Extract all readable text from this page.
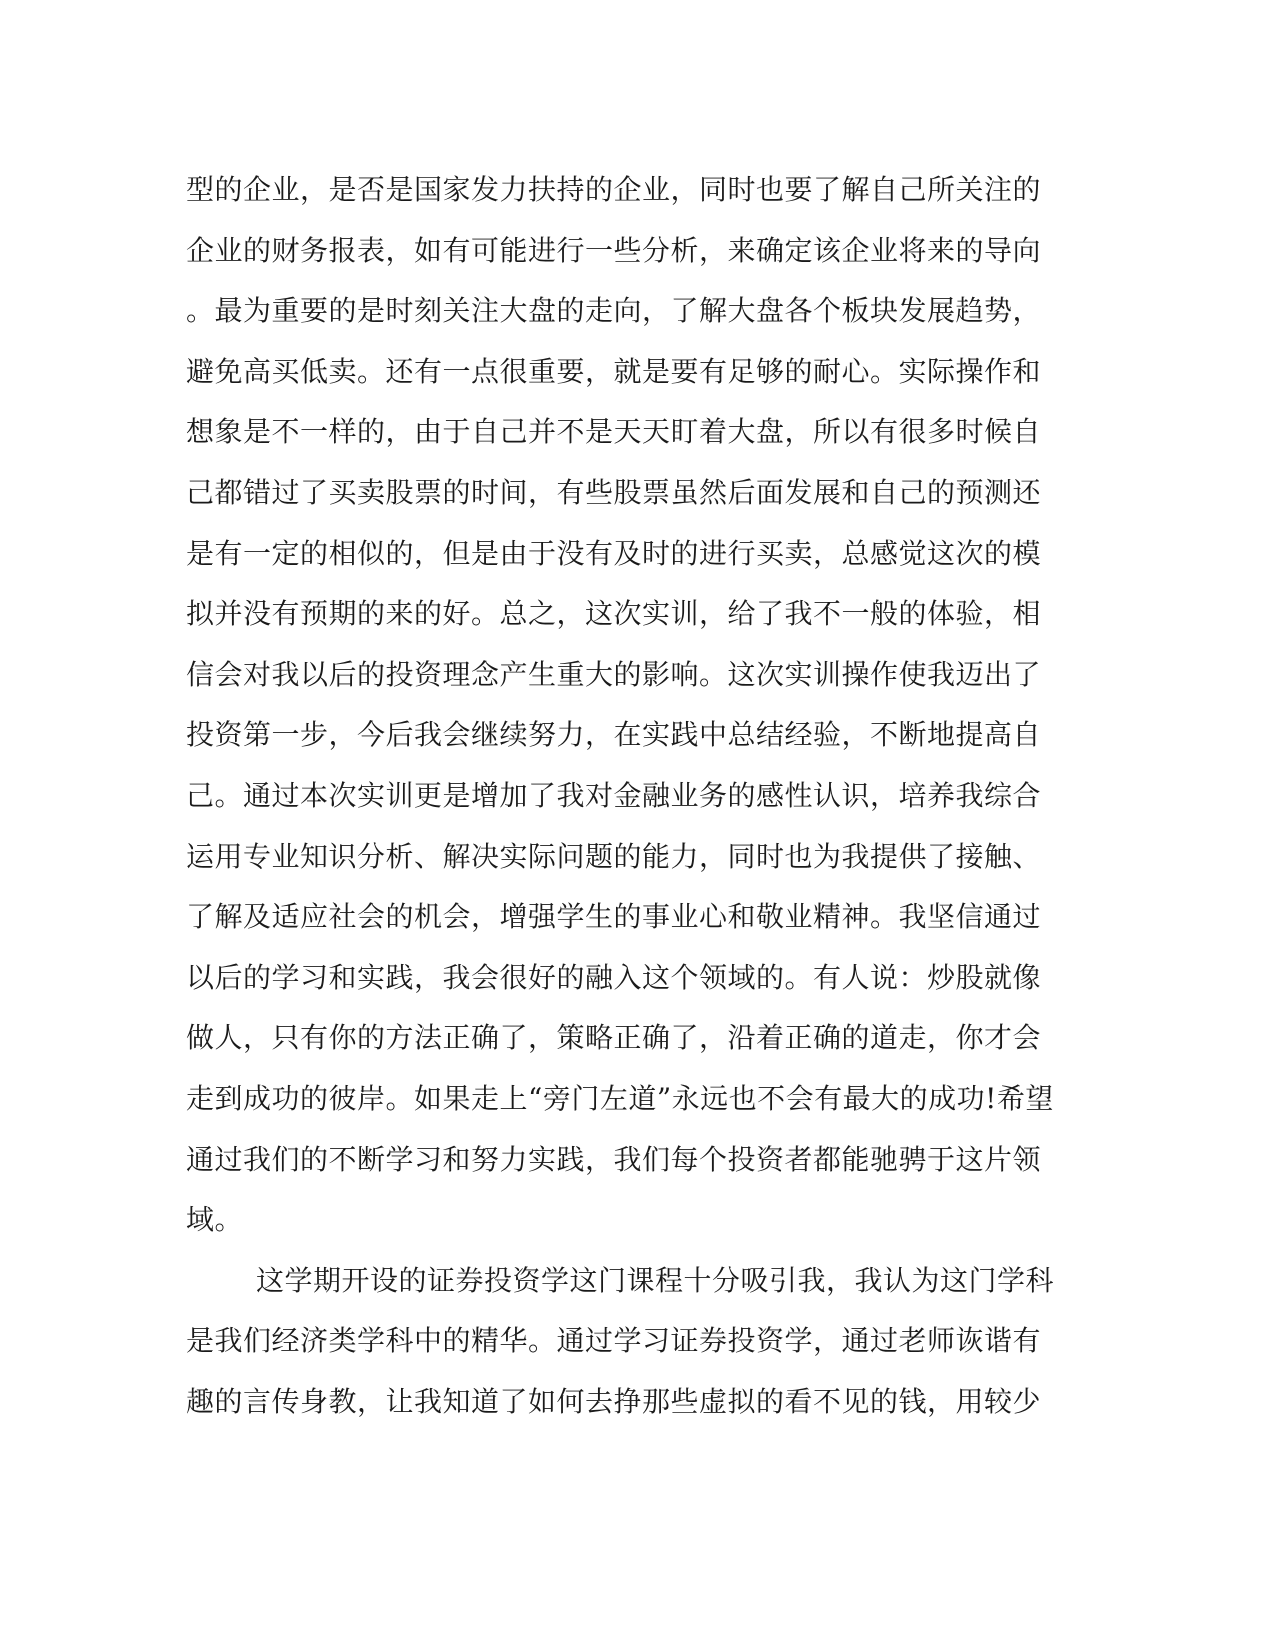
型的企业，是否是国家发力扶持的企业，同时也要了解自己所关注的
企业的财务报表，如有可能进行一些分析，来确定该企业将来的导向
。最为重要的是时刻关注大盘的走向，了解大盘各个板块发展趋势，
避免高买低卖。还有一点很重要，就是要有足够的耐心。实际操作和
想象是不一样的，由于自己并不是天天盯着大盘，所以有很多时候自
己都错过了买卖股票的时间，有些股票虽然后面发展和自己的预测还
是有一定的相似的，但是由于没有及时的进行买卖，总感觉这次的模
拟并没有预期的来的好。总之，这次实训，给了我不一般的体验，相
信会对我以后的投资理念产生重大的影响。这次实训操作使我迈出了
投资第一步，今后我会继续努力，在实践中总结经验，不断地提高自
己。通过本次实训更是增加了我对金融业务的感性认识，培养我综合
运用专业知识分析、解决实际问题的能力，同时也为我提供了接触、
了解及适应社会的机会，增强学生的事业心和敬业精神。我坚信通过
以后的学习和实践，我会很好的融入这个领域的。有人说：炒股就像
做人，只有你的方法正确了，策略正确了，沿着正确的道走，你才会
走到成功的彼岸。如果走上“旁门左道”永远也不会有最大的成功!希望
通过我们的不断学习和努力实践，我们每个投资者都能驰骋于这片领
域。
这学期开设的证券投资学这门课程十分吸引我，我认为这门学科
是我们经济类学科中的精华。通过学习证券投资学，通过老师诙谐有
趣的言传身教，让我知道了如何去挣那些虚拟的看不见的钱，用较少
